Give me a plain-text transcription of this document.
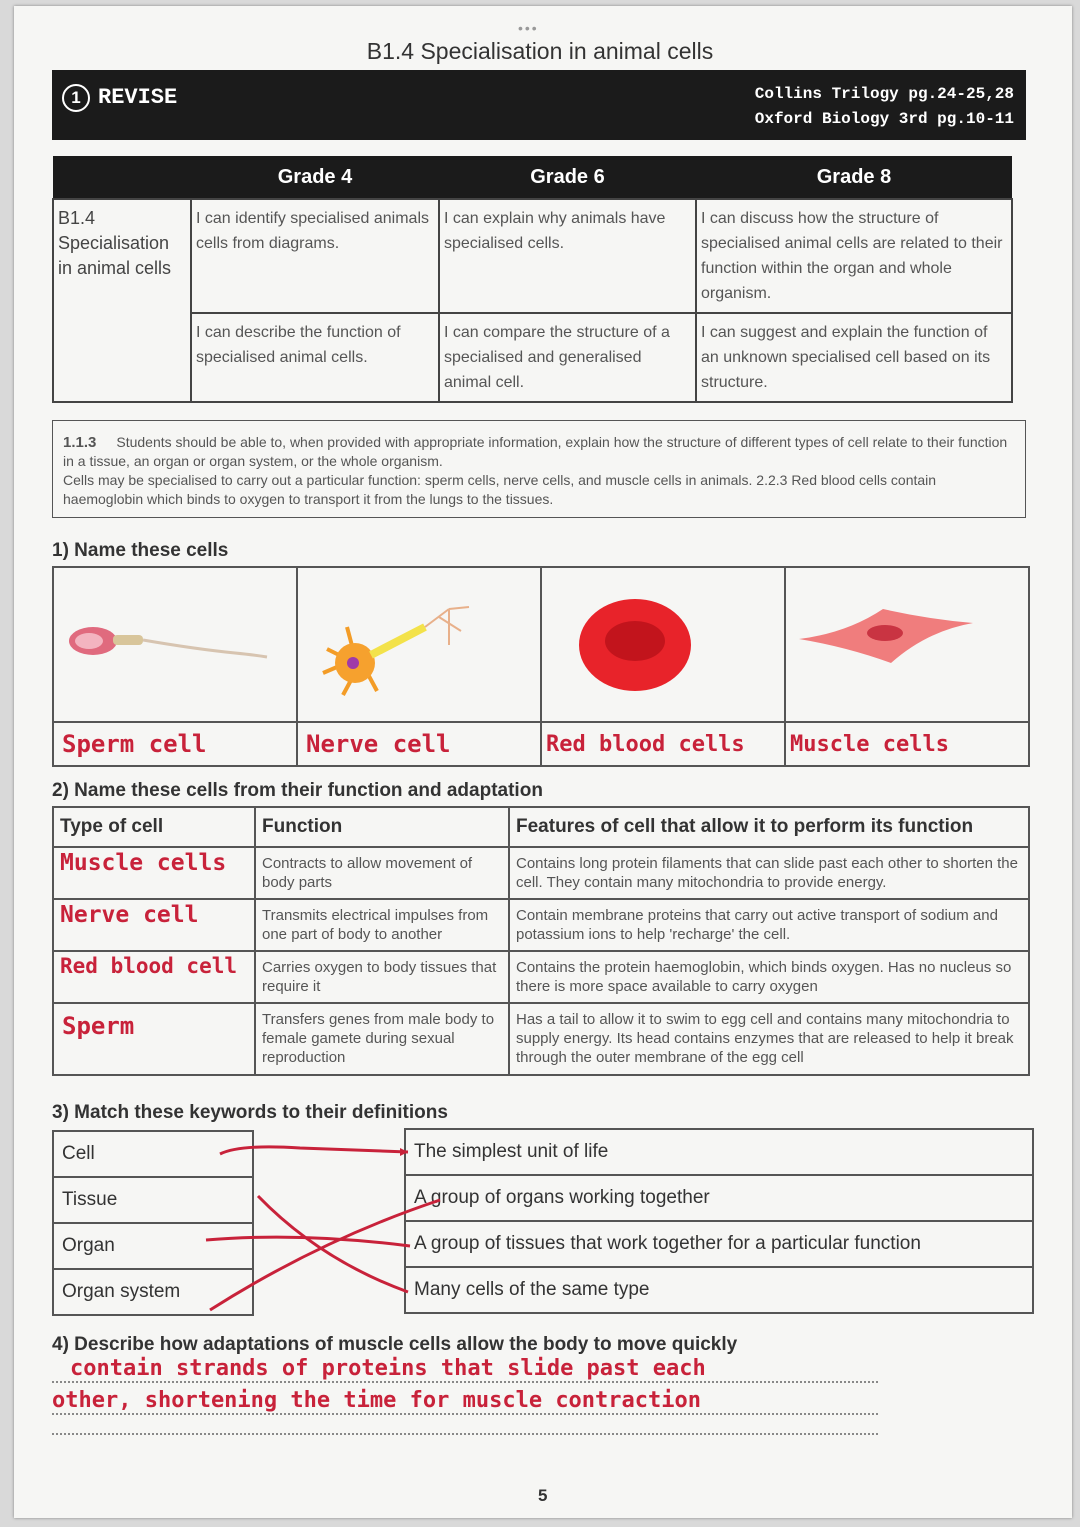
•••
B1.4 Specialisation in animal cells
1 REVISE	Collins Trilogy pg.24-25,28
Oxford Biology 3rd pg.10-11
	Grade 4	Grade 6	Grade 8
B1.4 Specialisation in animal cells	I can identify specialised animals cells from diagrams.	I can explain why animals have specialised cells.	I can discuss how the structure of specialised animal cells are related to their function within the organ and whole organism.
	I can describe the function of specialised animal cells.	I can compare the structure of a specialised and generalised animal cell.	I can suggest and explain the function of an unknown specialised cell based on its structure.
1.1.3 Students should be able to, when provided with appropriate information, explain how the structure of different types of cell relate to their function in a tissue, an organ or organ system, or the whole organism.
Cells may be specialised to carry out a particular function: sperm cells, nerve cells, and muscle cells in animals. 2.2.3 Red blood cells contain haemoglobin which binds to oxygen to transport it from the lungs to the tissues.
1) Name these cells

Sperm cell	Nerve cell	Red blood cells	Muscle cells
2) Name these cells from their function and adaptation
Type of cell	Function	Features of cell that allow it to perform its function
Muscle cells	Contracts to allow movement of body parts	Contains long protein filaments that can slide past each other to shorten the cell. They contain many mitochondria to provide energy.
Nerve cell	Transmits electrical impulses from one part of body to another	Contain membrane proteins that carry out active transport of sodium and potassium ions to help 'recharge' the cell.
Red blood cell	Carries oxygen to body tissues that require it	Contains the protein haemoglobin, which binds oxygen. Has no nucleus so there is more space available to carry oxygen
Sperm	Transfers genes from male body to female gamete during sexual reproduction	Has a tail to allow it to swim to egg cell and contains many mitochondria to supply energy. Its head contains enzymes that are released to help it break through the outer membrane of the egg cell
3) Match these keywords to their definitions
Cell
Tissue
Organ
Organ system
The simplest unit of life
A group of organs working together
A group of tissues that work together for a particular function
Many cells of the same type
4) Describe how adaptations of muscle cells allow the body to move quickly
contain strands of proteins that slide past each
other, shortening the time for muscle contraction
5
